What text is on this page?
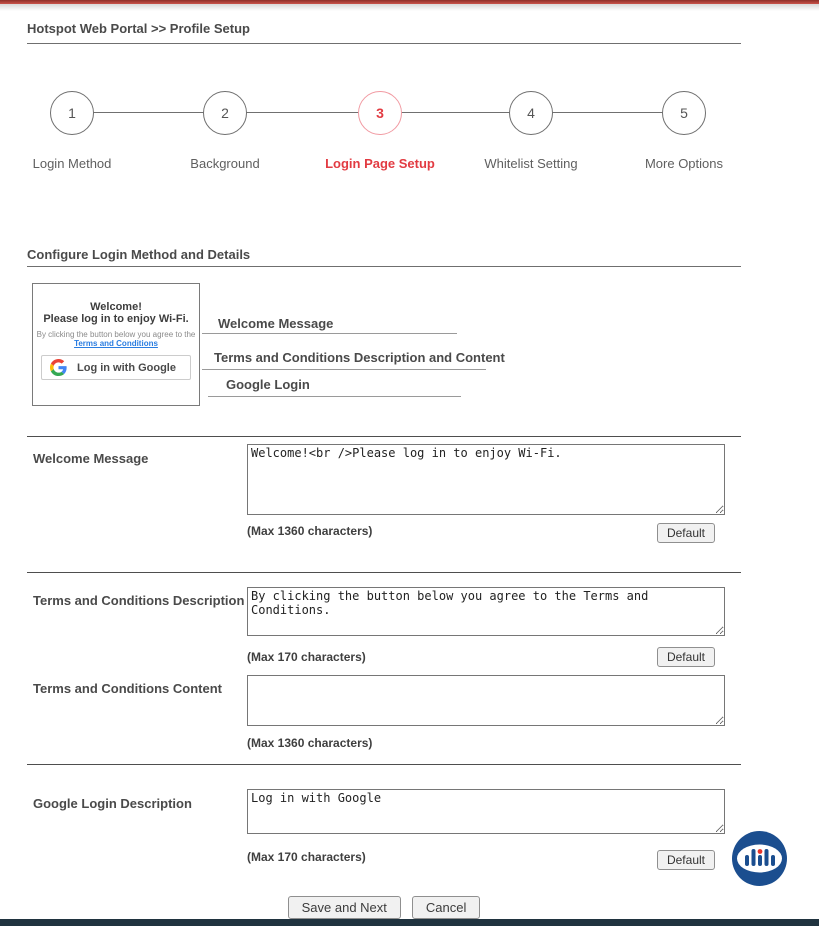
Hotspot Web Portal >> Profile Setup
1	2	3	4	5
Login Method	Background	Login Page Setup	Whitelist Setting	More Options
Configure Login Method and Details
Welcome!
Please log in to enjoy Wi-Fi.
By clicking the button below you agree to the
Terms and Conditions
Log in with Google
Welcome Message
Terms and Conditions Description and Content
Google Login
Welcome Message
Welcome!<br />Please log in to enjoy Wi-Fi.
(Max 1360 characters)	Default
Terms and Conditions Description
By clicking the button below you agree to the Terms and Conditions.
(Max 170 characters)	Default
Terms and Conditions Content
(Max 1360 characters)
Google Login Description
Log in with Google
(Max 170 characters)	Default
Save and Next	Cancel
